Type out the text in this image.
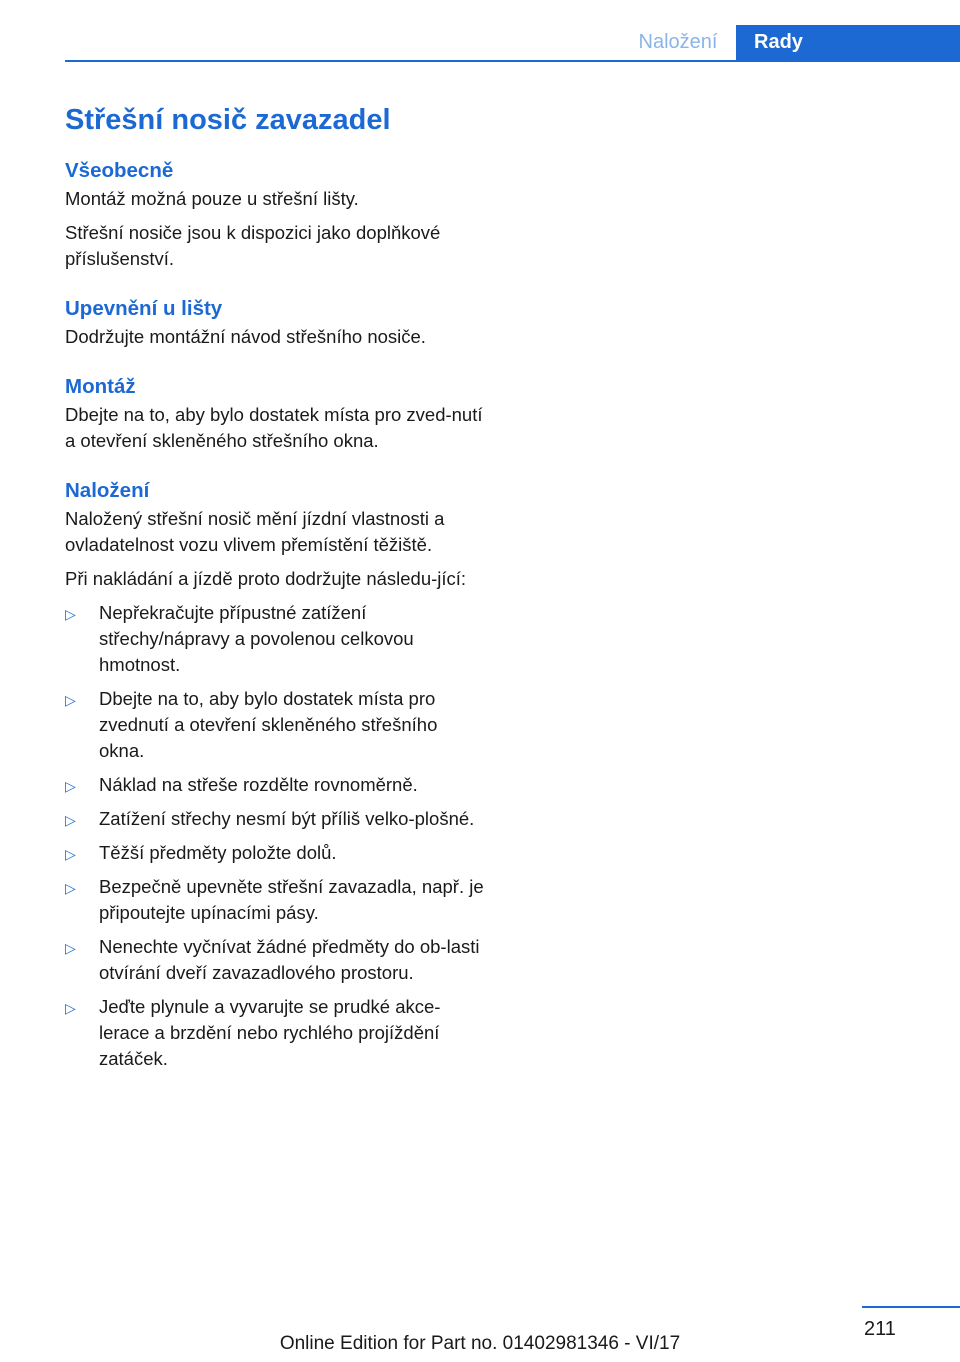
Naložení	Rady
Střešní nosič zavazadel
Všeobecně

Montáž možná pouze u střešní lišty.

Střešní nosiče jsou k dispozici jako doplňkové příslušenství.

Upevnění u lišty

Dodržujte montážní návod střešního nosiče.

Montáž

Dbejte na to, aby bylo dostatek místa pro zved-nutí a otevření skleněného střešního okna.

Naložení

Naložený střešní nosič mění jízdní vlastnosti a ovladatelnost vozu vlivem přemístění těžiště.

Při nakládání a jízdě proto dodržujte následu-jící:

▷ Nepřekračujte přípustné zatížení střechy/nápravy a povolenou celkovou hmotnost.
▷ Dbejte na to, aby bylo dostatek místa pro zvednutí a otevření skleněného střešního okna.
▷ Náklad na střeše rozdělte rovnoměrně.
▷ Zatížení střechy nesmí být příliš velko-plošné.
▷ Těžší předměty položte dolů.
▷ Bezpečně upevněte střešní zavazadla, např. je připoutejte upínacími pásy.
▷ Nenechte vyčnívat žádné předměty do ob-lasti otvírání dveří zavazadlového prostoru.
▷ Jeďte plynule a vyvarujte se prudké akce-lerace a brzdění nebo rychlého projíždění zatáček.
211
Online Edition for Part no. 01402981346 - VI/17
